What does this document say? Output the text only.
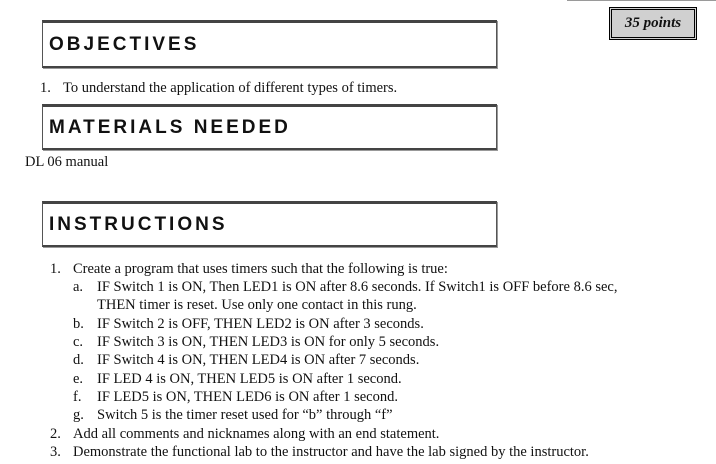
35 points
OBJECTIVES
1. To understand the application of different types of timers.
MATERIALS NEEDED
DL 06 manual
INSTRUCTIONS
1. Create a program that uses timers such that the following is true:
a. IF Switch 1 is ON, Then LED1 is ON after 8.6 seconds. If Switch1 is OFF before 8.6 sec,
THEN timer is reset. Use only one contact in this rung.
b. IF Switch 2 is OFF, THEN LED2 is ON after 3 seconds.
c. IF Switch 3 is ON, THEN LED3 is ON for only 5 seconds.
d. IF Switch 4 is ON, THEN LED4 is ON after 7 seconds.
e. IF LED 4 is ON, THEN LED5 is ON after 1 second.
f. IF LED5 is ON, THEN LED6 is ON after 1 second.
g. Switch 5 is the timer reset used for “b” through “f”
2. Add all comments and nicknames along with an end statement.
3. Demonstrate the functional lab to the instructor and have the lab signed by the instructor.
